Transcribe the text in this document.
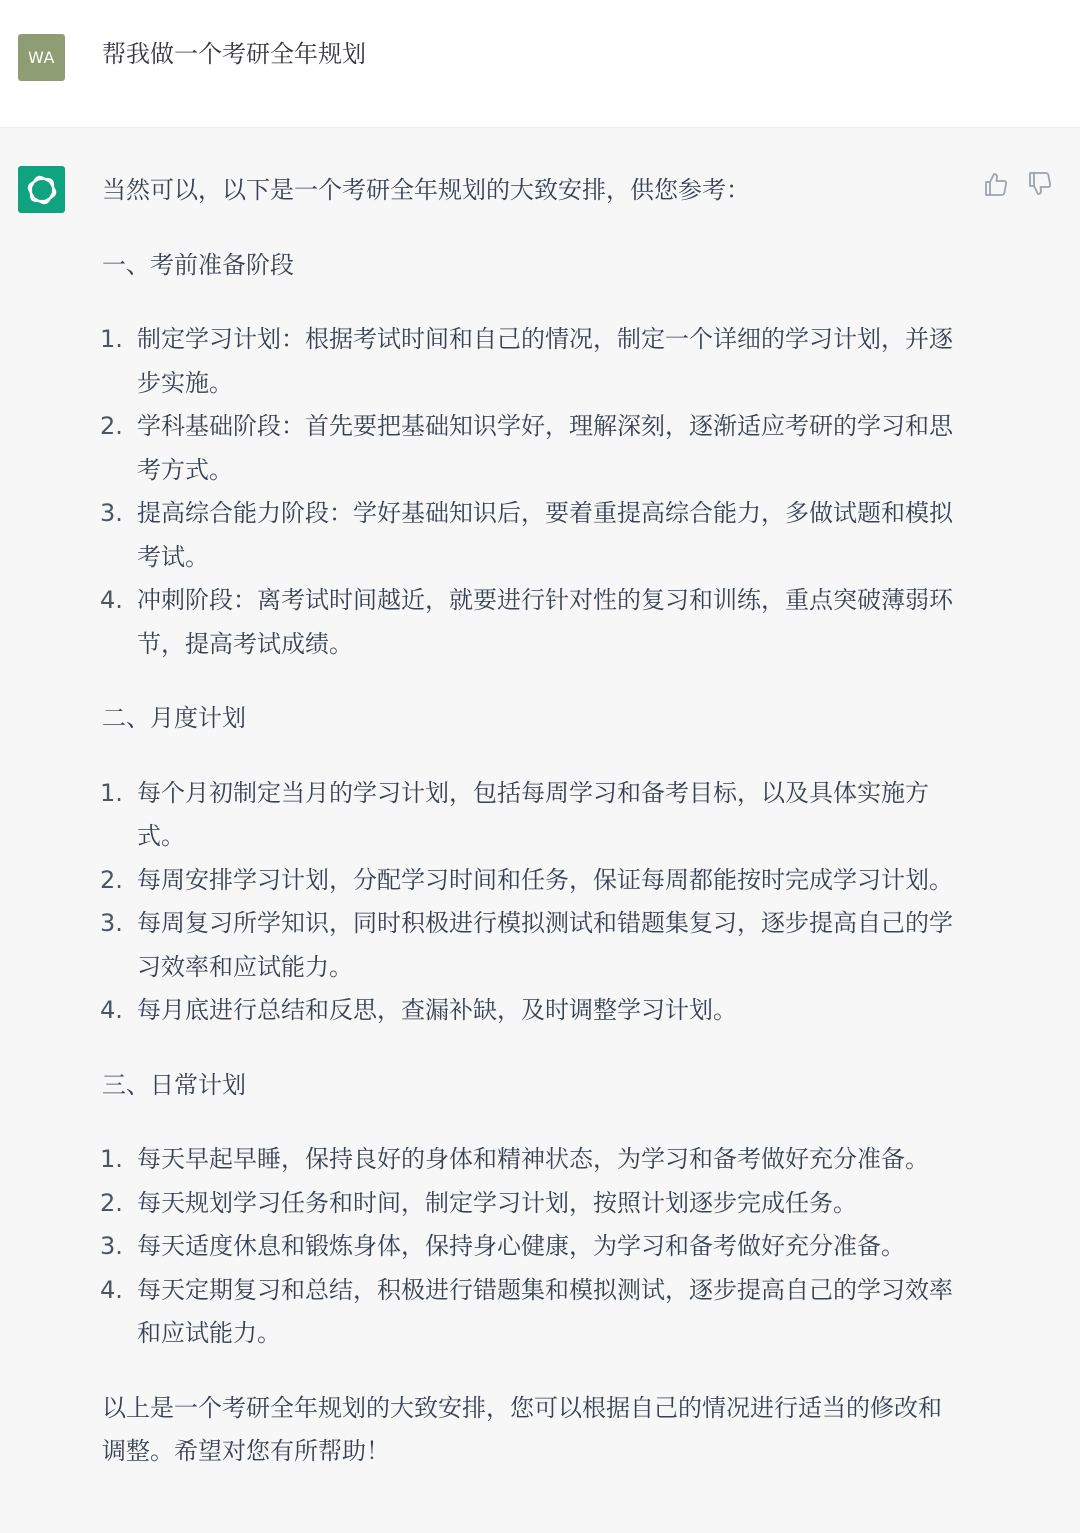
WA	帮我做一个考研全年规划

当然可以，以下是一个考研全年规划的大致安排，供您参考：

一、考前准备阶段

1. 制定学习计划：根据考试时间和自己的情况，制定一个详细的学习计划，并逐步实施。
2. 学科基础阶段：首先要把基础知识学好，理解深刻，逐渐适应考研的学习和思考方式。
3. 提高综合能力阶段：学好基础知识后，要着重提高综合能力，多做试题和模拟考试。
4. 冲刺阶段：离考试时间越近，就要进行针对性的复习和训练，重点突破薄弱环节，提高考试成绩。

二、月度计划

1. 每个月初制定当月的学习计划，包括每周学习和备考目标，以及具体实施方式。
2. 每周安排学习计划，分配学习时间和任务，保证每周都能按时完成学习计划。
3. 每周复习所学知识，同时积极进行模拟测试和错题集复习，逐步提高自己的学习效率和应试能力。
4. 每月底进行总结和反思，查漏补缺，及时调整学习计划。

三、日常计划

1. 每天早起早睡，保持良好的身体和精神状态，为学习和备考做好充分准备。
2. 每天规划学习任务和时间，制定学习计划，按照计划逐步完成任务。
3. 每天适度休息和锻炼身体，保持身心健康，为学习和备考做好充分准备。
4. 每天定期复习和总结，积极进行错题集和模拟测试，逐步提高自己的学习效率和应试能力。

以上是一个考研全年规划的大致安排，您可以根据自己的情况进行适当的修改和调整。希望对您有所帮助！
